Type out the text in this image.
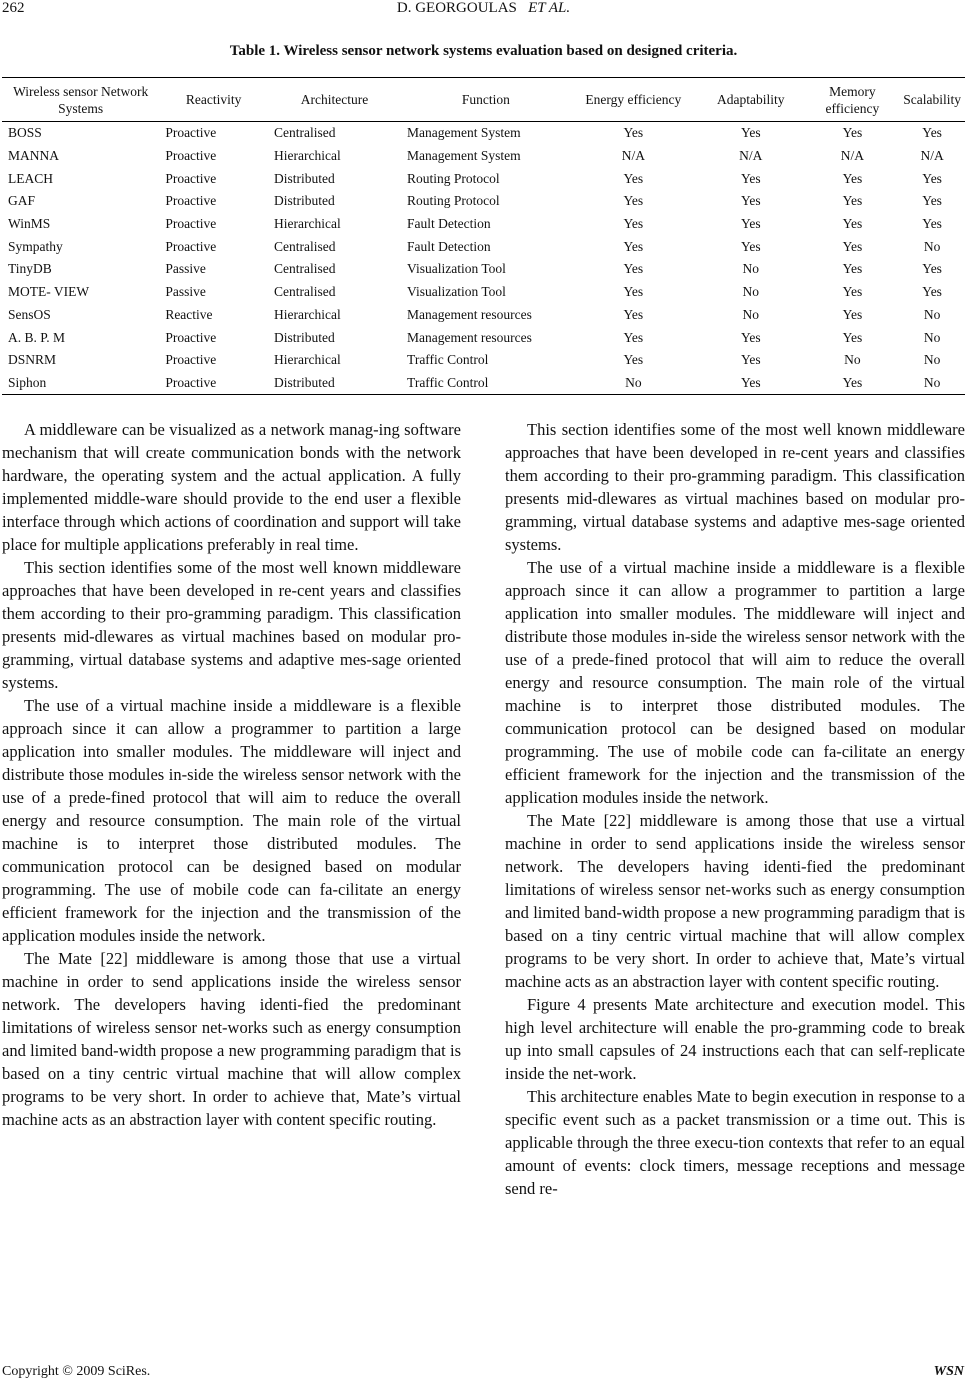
262	D. GEORGOULAS ET AL.
Table 1. Wireless sensor network systems evaluation based on designed criteria.
Wireless sensor Network Systems	Reactivity	Architecture	Function	Energy efficiency	Adaptability	Memory efficiency	Scalability
BOSS	Proactive	Centralised	Management System	Yes	Yes	Yes	Yes
MANNA	Proactive	Hierarchical	Management System	N/A	N/A	N/A	N/A
LEACH	Proactive	Distributed	Routing Protocol	Yes	Yes	Yes	Yes
GAF	Proactive	Distributed	Routing Protocol	Yes	Yes	Yes	Yes
WinMS	Proactive	Hierarchical	Fault Detection	Yes	Yes	Yes	Yes
Sympathy	Proactive	Centralised	Fault Detection	Yes	Yes	Yes	No
TinyDB	Passive	Centralised	Visualization Tool	Yes	No	Yes	Yes
MOTE- VIEW	Passive	Centralised	Visualization Tool	Yes	No	Yes	Yes
SensOS	Reactive	Hierarchical	Management resources	Yes	No	Yes	No
A. B. P. M	Proactive	Distributed	Management resources	Yes	Yes	Yes	No
DSNRM	Proactive	Hierarchical	Traffic Control	Yes	Yes	No	No
Siphon	Proactive	Distributed	Traffic Control	No	Yes	Yes	No

A middleware can be visualized as a network manag-ing software mechanism that will create communication bonds with the network hardware, the operating system and the actual application. A fully implemented middle-ware should provide to the end user a flexible interface through which actions of coordination and support will take place for multiple applications preferably in real time.

This section identifies some of the most well known middleware approaches that have been developed in re-cent years and classifies them according to their pro-gramming paradigm. This classification presents mid-dlewares as virtual machines based on modular pro-gramming, virtual database systems and adaptive mes-sage oriented systems.

The use of a virtual machine inside a middleware is a flexible approach since it can allow a programmer to partition a large application into smaller modules. The middleware will inject and distribute those modules in-side the wireless sensor network with the use of a prede-fined protocol that will aim to reduce the overall energy and resource consumption. The main role of the virtual machine is to interpret those distributed modules. The communication protocol can be designed based on modular programming. The use of mobile code can fa-cilitate an energy efficient framework for the injection and the transmission of the application modules inside the network.

The Mate [22] middleware is among those that use a virtual machine in order to send applications inside the wireless sensor network. The developers having identi-fied the predominant limitations of wireless sensor net-works such as energy consumption and limited band-width propose a new programming paradigm that is based on a tiny centric virtual machine that will allow complex programs to be very short. In order to achieve that, Mate’s virtual machine acts as an abstraction layer with content specific routing.

This section identifies some of the most well known middleware approaches that have been developed in re-cent years and classifies them according to their pro-gramming paradigm. This classification presents mid-dlewares as virtual machines based on modular pro-gramming, virtual database systems and adaptive mes-sage oriented systems.

The use of a virtual machine inside a middleware is a flexible approach since it can allow a programmer to partition a large application into smaller modules. The middleware will inject and distribute those modules in-side the wireless sensor network with the use of a prede-fined protocol that will aim to reduce the overall energy and resource consumption. The main role of the virtual machine is to interpret those distributed modules. The communication protocol can be designed based on modular programming. The use of mobile code can fa-cilitate an energy efficient framework for the injection and the transmission of the application modules inside the network.

The Mate [22] middleware is among those that use a virtual machine in order to send applications inside the wireless sensor network. The developers having identi-fied the predominant limitations of wireless sensor net-works such as energy consumption and limited band-width propose a new programming paradigm that is based on a tiny centric virtual machine that will allow complex programs to be very short. In order to achieve that, Mate’s virtual machine acts as an abstraction layer with content specific routing.

Figure 4 presents Mate architecture and execution model. This high level architecture will enable the pro-gramming code to break up into small capsules of 24 instructions each that can self-replicate inside the net-work.

This architecture enables Mate to begin execution in response to a specific event such as a packet transmission or a time out. This is applicable through the three execu-tion contexts that refer to an equal amount of events: clock timers, message receptions and message send re-

Copyright © 2009 SciRes.	WSN
